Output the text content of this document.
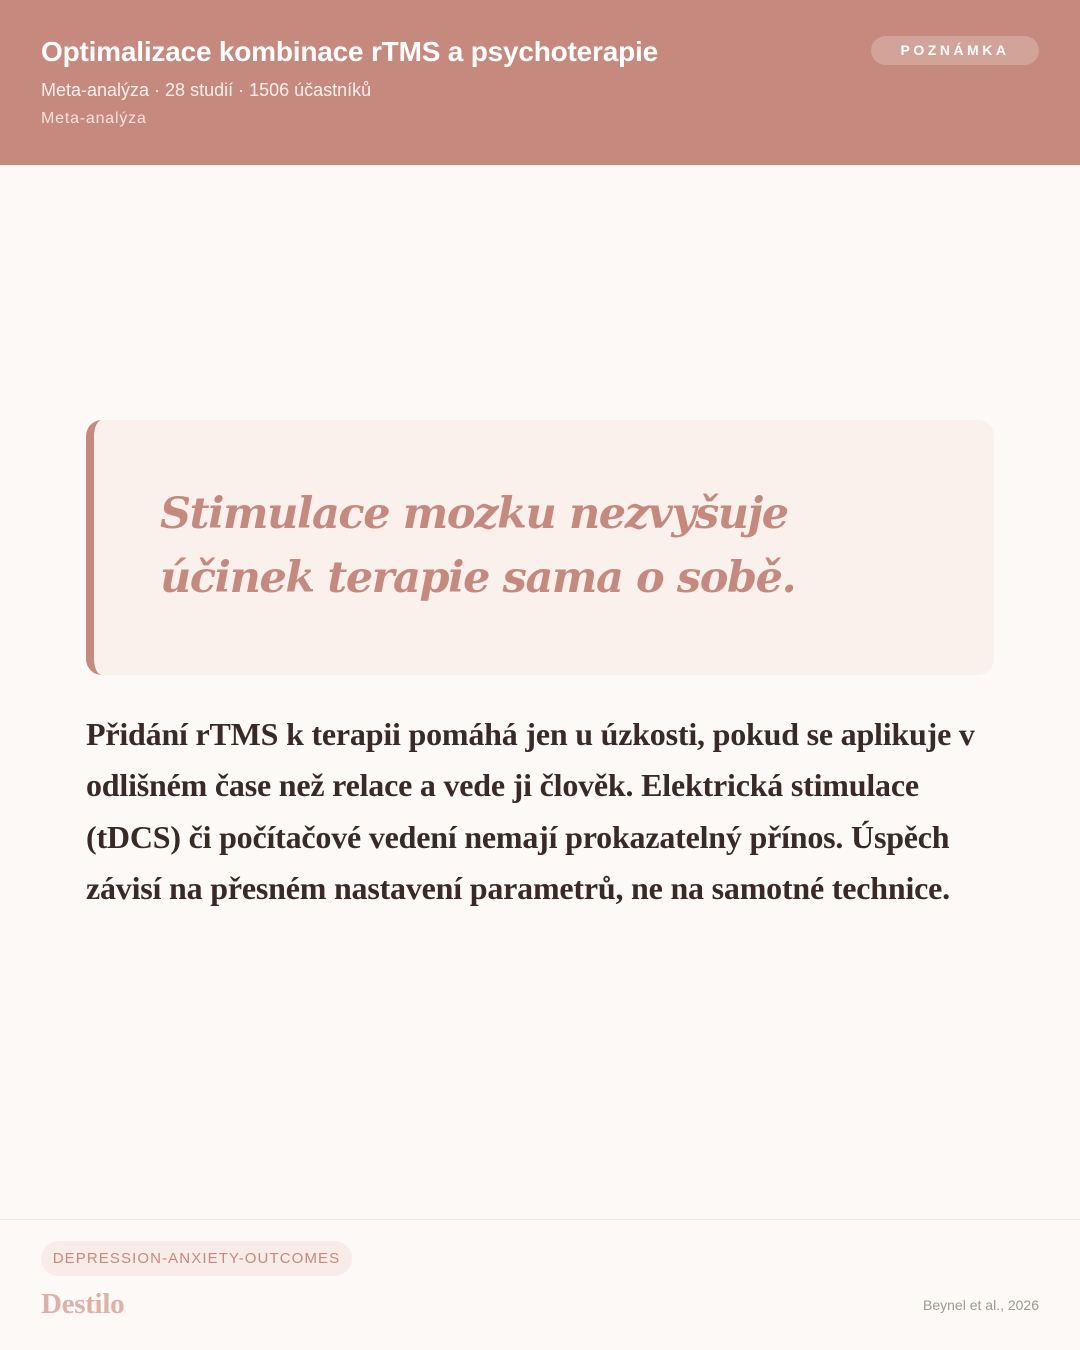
Optimalizace kombinace rTMS a psychoterapie
Meta-analýza · 28 studií · 1506 účastníků
Meta-analýza
POZNÁMKA

Stimulace mozku nezvyšuje účinek terapie sama o sobě.

Přidání rTMS k terapii pomáhá jen u úzkosti, pokud se aplikuje v odlišném čase než relace a vede ji člověk. Elektrická stimulace (tDCS) či počítačové vedení nemají prokazatelný přínos. Úspěch závisí na přesném nastavení parametrů, ne na samotné technice.

DEPRESSION-ANXIETY-OUTCOMES
Destilo	Beynel et al., 2026
